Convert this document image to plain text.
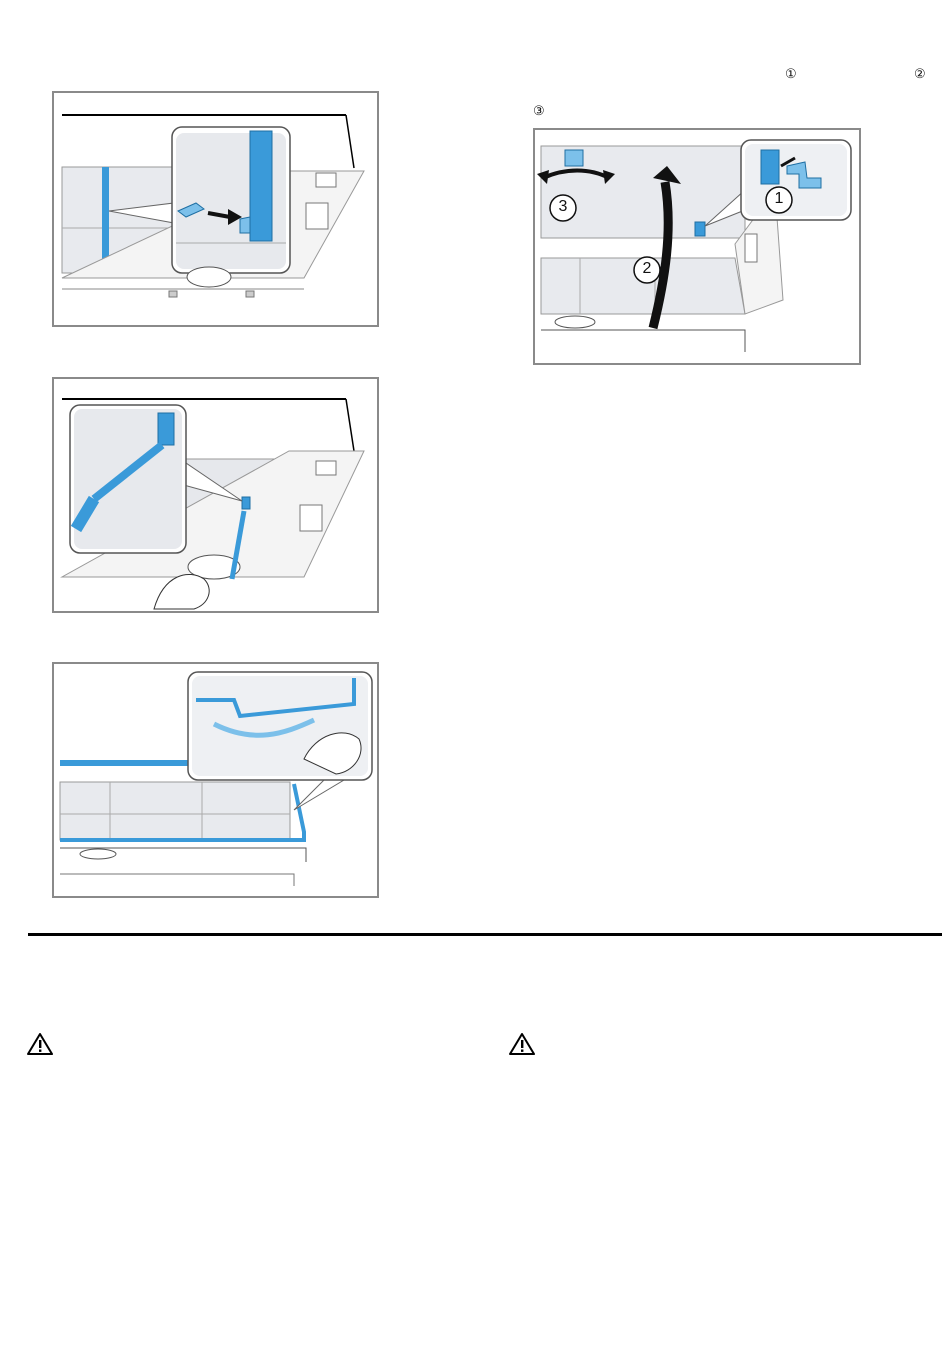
①	②
③
3
2
1
